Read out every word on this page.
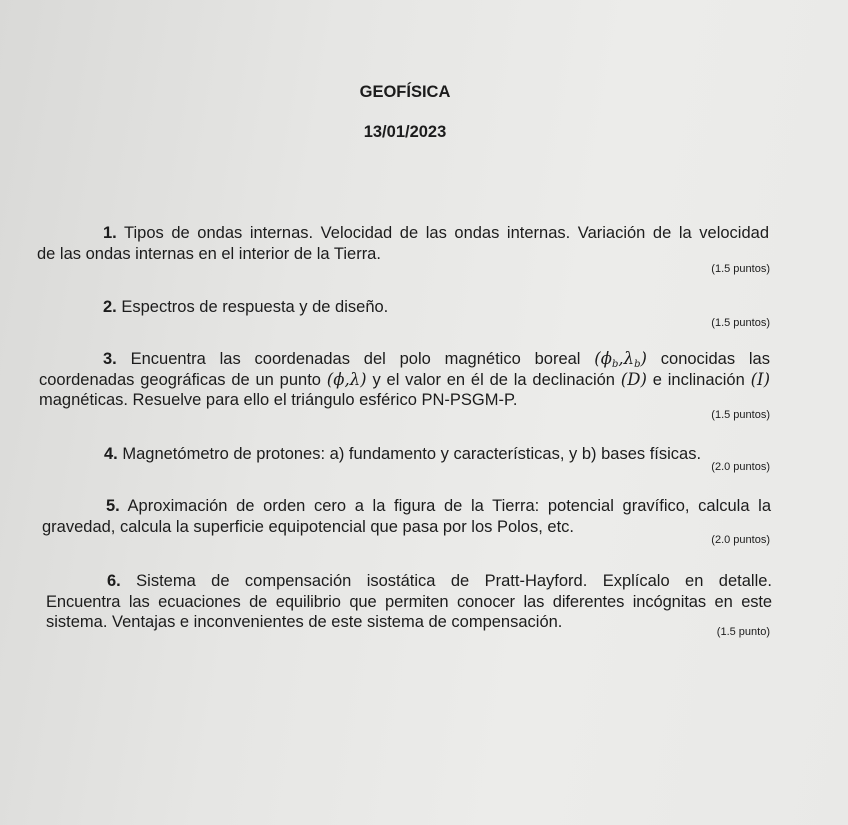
GEOFÍSICA
13/01/2023
1. Tipos de ondas internas. Velocidad de las ondas internas. Variación de la velocidad
de las ondas internas en el interior de la Tierra.
(1.5 puntos)
2. Espectros de respuesta y de diseño.
(1.5 puntos)
3. Encuentra las coordenadas del polo magnético boreal $(\phi_b,\lambda_b)$ conocidas las
coordenadas geográficas de un punto (ϕ,λ) y el valor en él de la declinación (D) e inclinación (I)
magnéticas. Resuelve para ello el triángulo esférico PN-PSGM-P.
(1.5 puntos)
4. Magnetómetro de protones: a) fundamento y características, y b) bases físicas.
(2.0 puntos)
5. Aproximación de orden cero a la figura de la Tierra: potencial gravífico, calcula la
gravedad, calcula la superficie equipotencial que pasa por los Polos, etc.
(2.0 puntos)
6. Sistema de compensación isostática de Pratt-Hayford. Explícalo en detalle.
Encuentra las ecuaciones de equilibrio que permiten conocer las diferentes incógnitas en este
sistema. Ventajas e inconvenientes de este sistema de compensación.
(1.5 punto)
